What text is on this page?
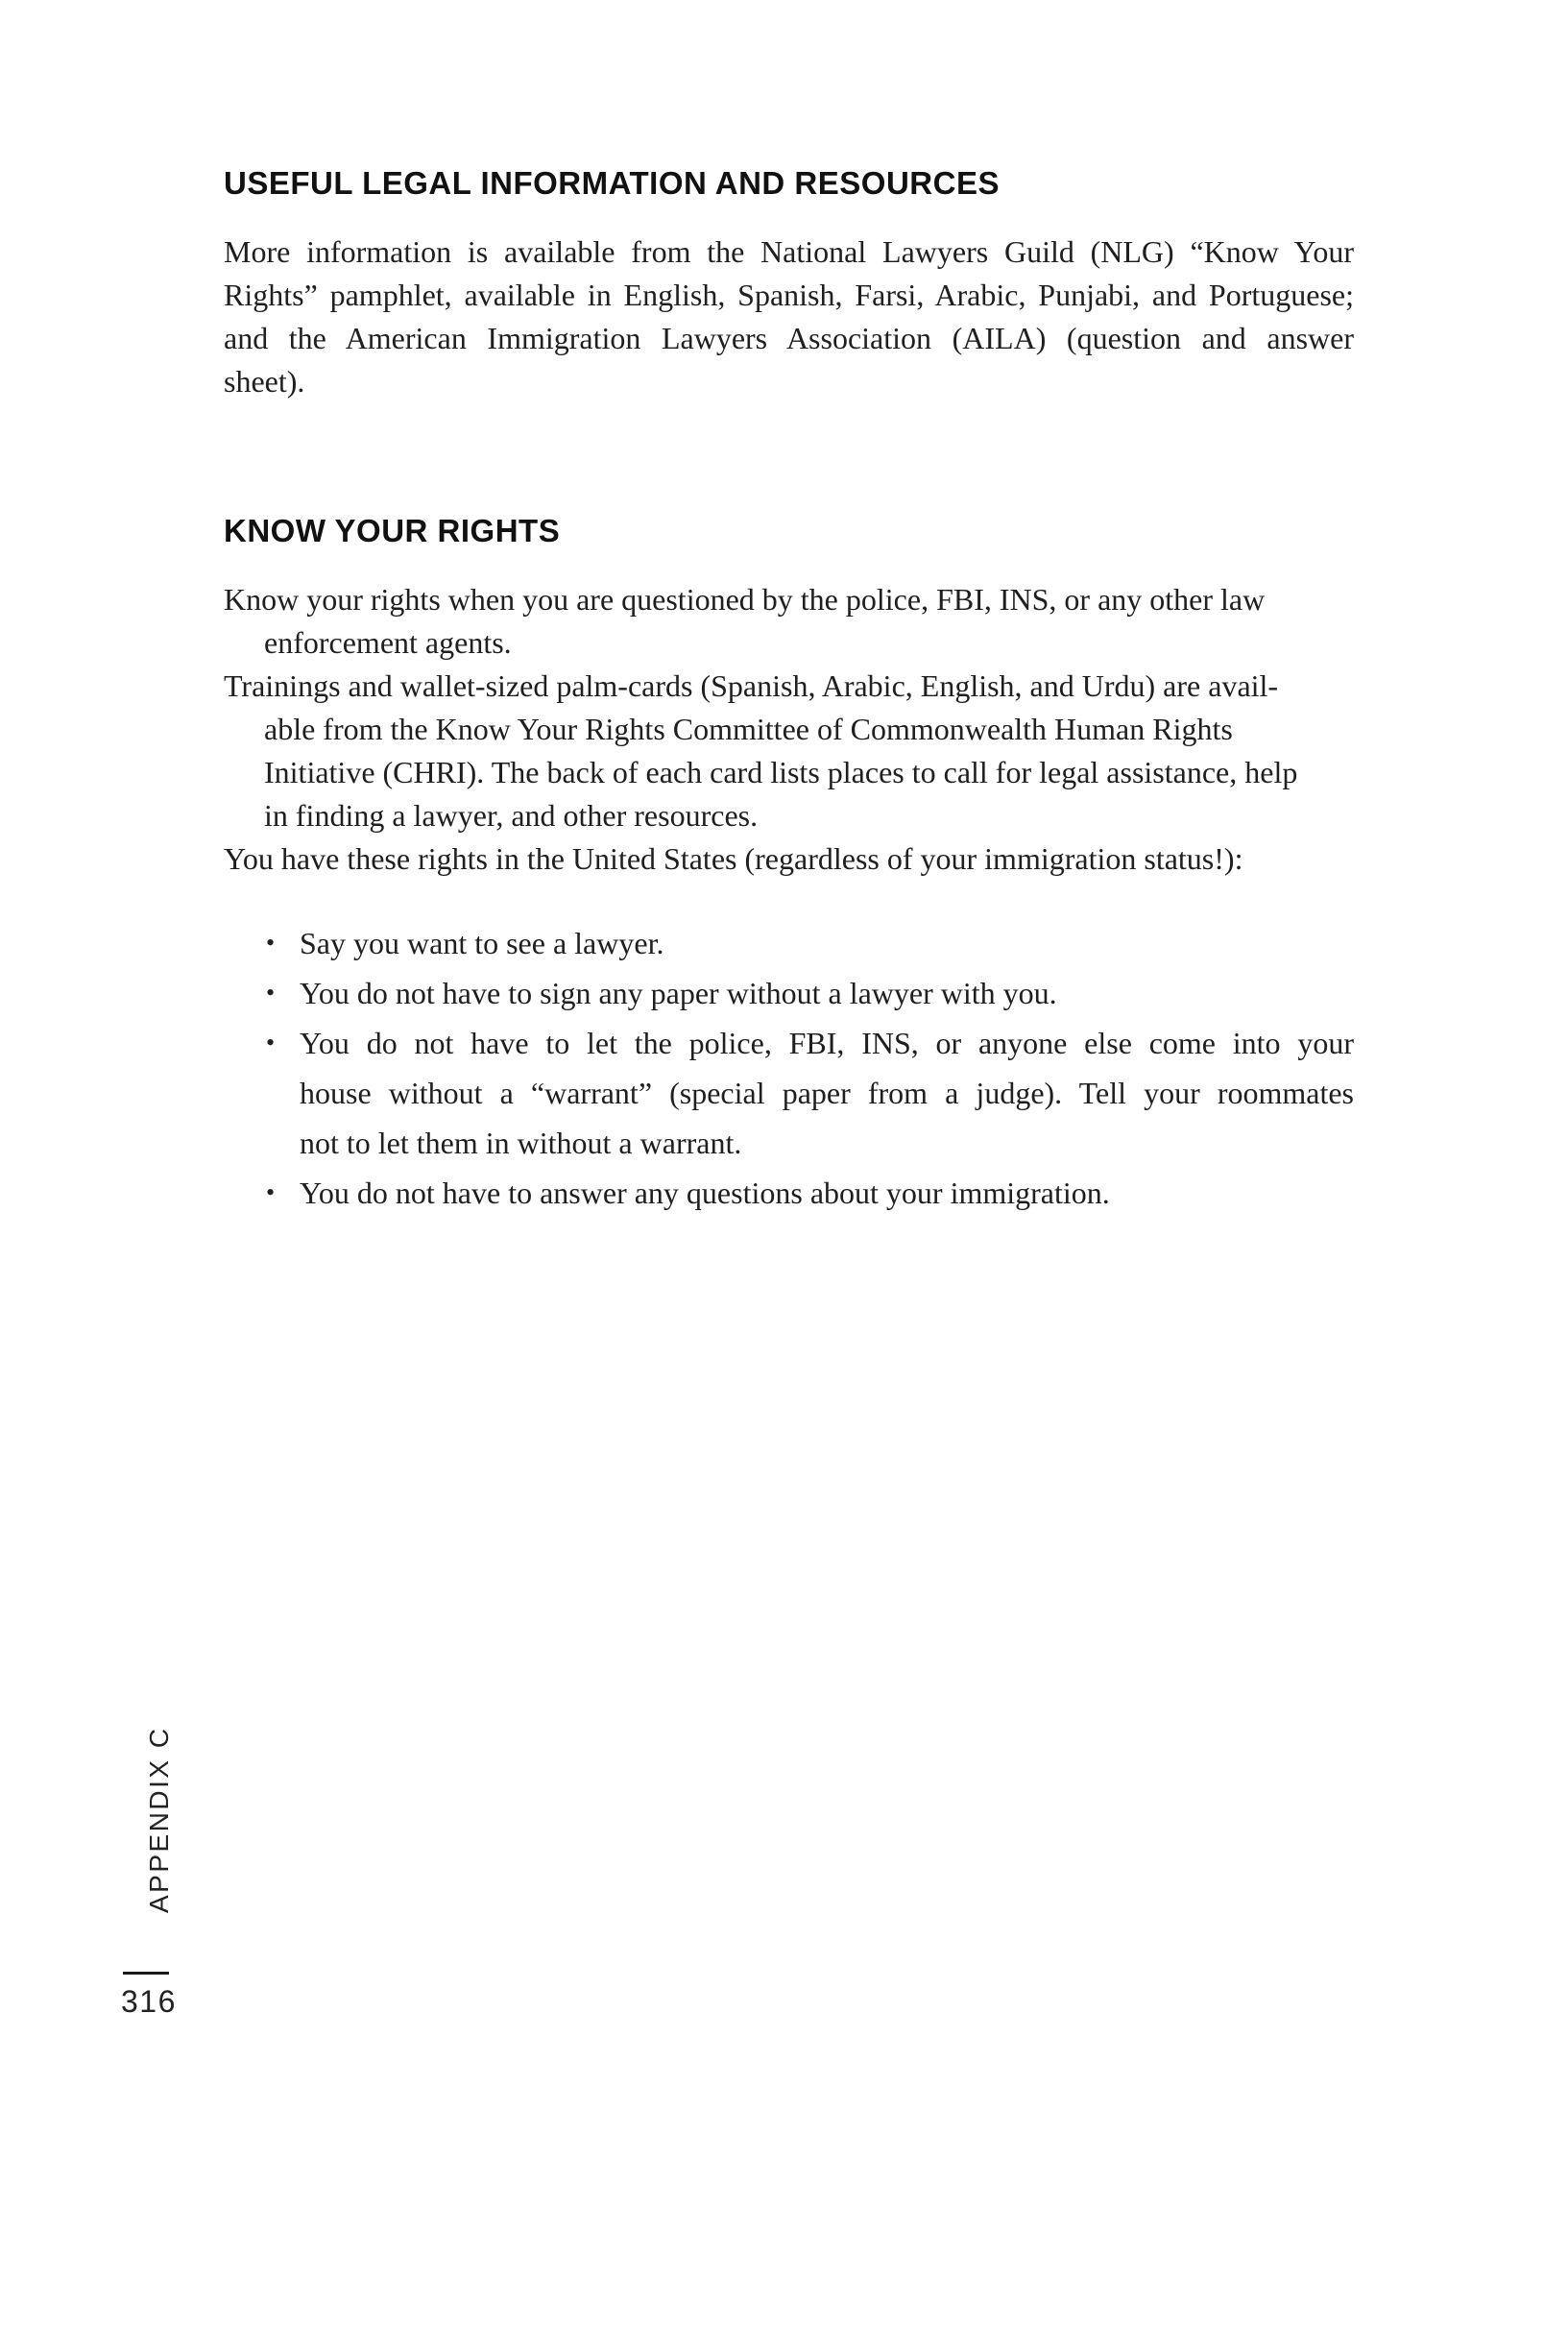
USEFUL LEGAL INFORMATION AND RESOURCES
More information is available from the National Lawyers Guild (NLG) “Know Your
Rights” pamphlet, available in English, Spanish, Farsi, Arabic, Punjabi, and Portuguese;
and the American Immigration Lawyers Association (AILA) (question and answer
sheet).
KNOW YOUR RIGHTS
Know your rights when you are questioned by the police, FBI, INS, or any other law
enforcement agents.
Trainings and wallet-sized palm-cards (Spanish, Arabic, English, and Urdu) are avail-
able from the Know Your Rights Committee of Commonwealth Human Rights
Initiative (CHRI). The back of each card lists places to call for legal assistance, help
in finding a lawyer, and other resources.
You have these rights in the United States (regardless of your immigration status!):
• Say you want to see a lawyer.
• You do not have to sign any paper without a lawyer with you.
• You do not have to let the police, FBI, INS, or anyone else come into your
house without a “warrant” (special paper from a judge). Tell your roommates
not to let them in without a warrant.
• You do not have to answer any questions about your immigration.
APPENDIX C
316
